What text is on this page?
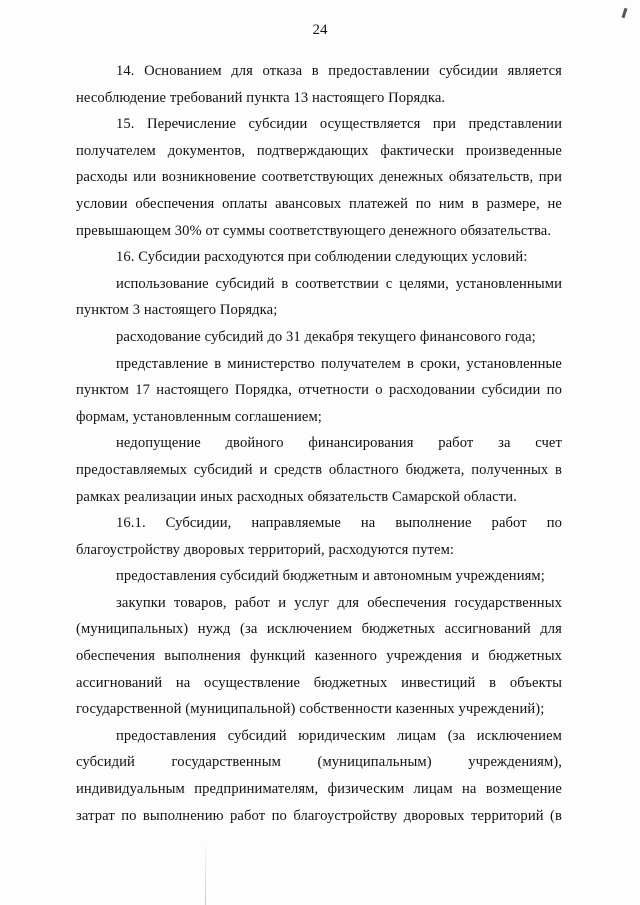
24

14. Основанием для отказа в предоставлении субсидии является несоблюдение требований пункта 13 настоящего Порядка.

15. Перечисление субсидии осуществляется при представлении получателем документов, подтверждающих фактически произведенные расходы или возникновение соответствующих денежных обязательств, при условии обеспечения оплаты авансовых платежей по ним в размере, не превышающем 30% от суммы соответствующего денежного обязательства.

16. Субсидии расходуются при соблюдении следующих условий:

использование субсидий в соответствии с целями, установленными пунктом 3 настоящего Порядка;

расходование субсидий до 31 декабря текущего финансового года;

представление в министерство получателем в сроки, установленные пунктом 17 настоящего Порядка, отчетности о расходовании субсидии по формам, установленным соглашением;

недопущение двойного финансирования работ за счет предоставляемых субсидий и средств областного бюджета, полученных в рамках реализации иных расходных обязательств Самарской области.

16.1. Субсидии, направляемые на выполнение работ по благоустройству дворовых территорий, расходуются путем:

предоставления субсидий бюджетным и автономным учреждениям;

закупки товаров, работ и услуг для обеспечения государственных (муниципальных) нужд (за исключением бюджетных ассигнований для обеспечения выполнения функций казенного учреждения и бюджетных ассигнований на осуществление бюджетных инвестиций в объекты государственной (муниципальной) собственности казенных учреждений);

предоставления субсидий юридическим лицам (за исключением субсидий государственным (муниципальным) учреждениям), индивидуальным предпринимателям, физическим лицам на возмещение затрат по выполнению работ по благоустройству дворовых территорий (в
